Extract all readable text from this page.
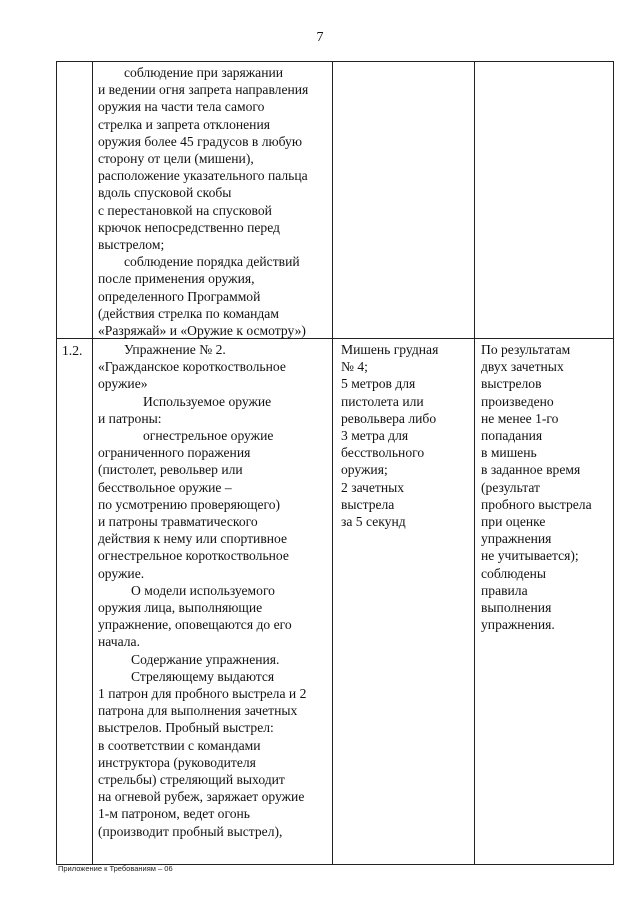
7
1.2.
соблюдение при заряжании
и ведении огня запрета направления
оружия на части тела самого
стрелка и запрета отклонения
оружия более 45 градусов в любую
сторону от цели (мишени),
расположение указательного пальца
вдоль спусковой скобы
с перестановкой на спусковой
крючок непосредственно перед
выстрелом;
соблюдение порядка действий
после применения оружия,
определенного Программой
(действия стрелка по командам
«Разряжай» и «Оружие к осмотру»)
Упражнение № 2.
«Гражданское короткоствольное
оружие»
Используемое оружие
и патроны:
огнестрельное оружие
ограниченного поражения
(пистолет, револьвер или
бесствольное оружие –
по усмотрению проверяющего)
и патроны травматического
действия к нему или спортивное
огнестрельное короткоствольное
оружие.
О модели используемого
оружия лица, выполняющие
упражнение, оповещаются до его
начала.
Содержание упражнения.
Стреляющему выдаются
1 патрон для пробного выстрела и 2
патрона для выполнения зачетных
выстрелов. Пробный выстрел:
в соответствии с командами
инструктора (руководителя
стрельбы) стреляющий выходит
на огневой рубеж, заряжает оружие
1-м патроном, ведет огонь
(производит пробный выстрел),
Мишень грудная
№ 4;
5 метров для
пистолета или
револьвера либо
3 метра для
бесствольного
оружия;
2 зачетных
выстрела
за 5 секунд
По результатам
двух зачетных
выстрелов
произведено
не менее 1-го
попадания
в мишень
в заданное время
(результат
пробного выстрела
при оценке
упражнения
не учитывается);
соблюдены
правила
выполнения
упражнения.
Приложение к Требованиям – 06
